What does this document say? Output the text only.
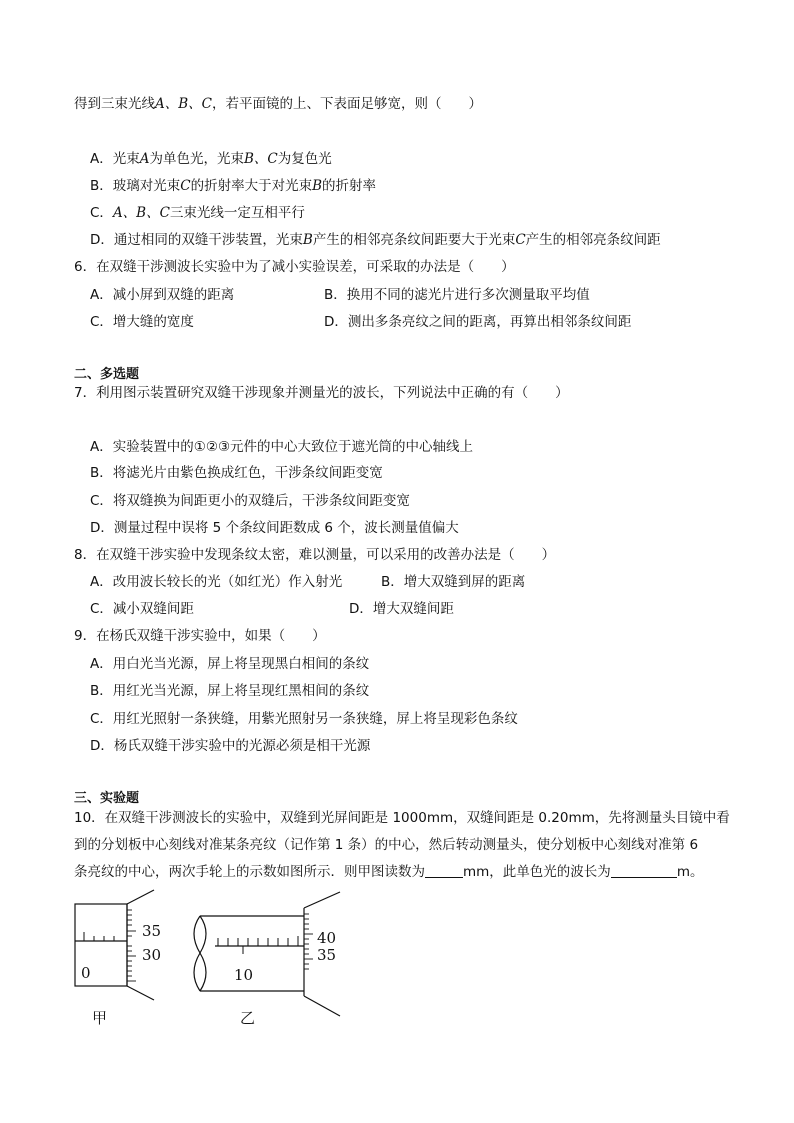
得到三束光线A、B、C，若平面镜的上、下表面足够宽，则（　　）
A．光束A为单色光，光束B、C为复色光
B．玻璃对光束C的折射率大于对光束B的折射率
C．A、B、C三束光线一定互相平行
D．通过相同的双缝干涉装置，光束B产生的相邻亮条纹间距要大于光束C产生的相邻亮条纹间距
6．在双缝干涉测波长实验中为了减小实验误差，可采取的办法是（　　）
A．减小屏到双缝的距离	B．换用不同的滤光片进行多次测量取平均值
C．增大缝的宽度	D．测出多条亮纹之间的距离，再算出相邻条纹间距
二、多选题
7．利用图示装置研究双缝干涉现象并测量光的波长，下列说法中正确的有（　　）
A．实验装置中的①②③元件的中心大致位于遮光筒的中心轴线上
B．将滤光片由紫色换成红色，干涉条纹间距变宽
C．将双缝换为间距更小的双缝后，干涉条纹间距变宽
D．测量过程中误将 5 个条纹间距数成 6 个，波长测量值偏大
8．在双缝干涉实验中发现条纹太密，难以测量，可以采用的改善办法是（　　）
A．改用波长较长的光（如红光）作入射光	B．增大双缝到屏的距离
C．减小双缝间距	D．增大双缝间距
9．在杨氏双缝干涉实验中，如果（　　）
A．用白光当光源，屏上将呈现黑白相间的条纹
B．用红光当光源，屏上将呈现红黑相间的条纹
C．用红光照射一条狭缝，用紫光照射另一条狭缝，屏上将呈现彩色条纹
D．杨氏双缝干涉实验中的光源必须是相干光源
三、实验题
10．在双缝干涉测波长的实验中，双缝到光屏间距是 1000mm，双缝间距是 0.20mm，先将测量头目镜中看
到的分划板中心刻线对准某条亮纹（记作第 1 条）的中心，然后转动测量头，使分划板中心刻线对准第 6
条亮纹的中心，两次手轮上的示数如图所示．则甲图读数为	mm，此单色光的波长为	m。
0
35
30
甲
10
40
35
乙
